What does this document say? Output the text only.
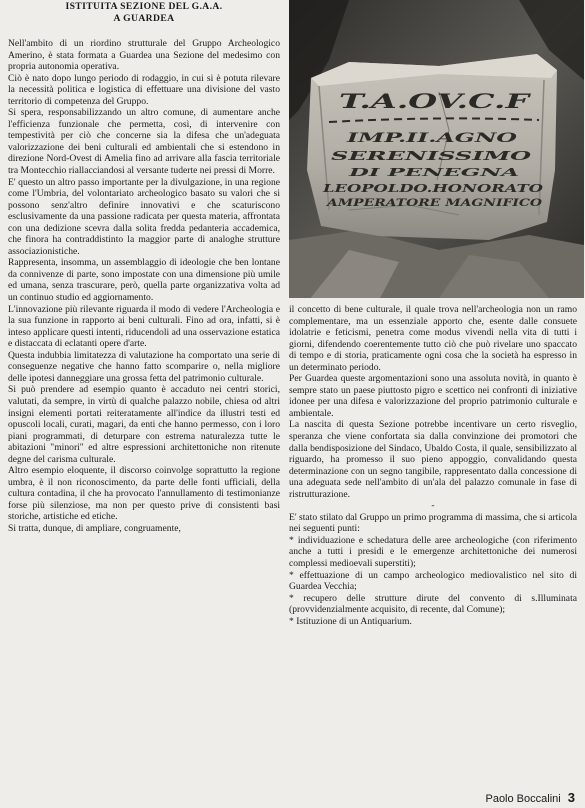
ISTITUITA SEZIONE DEL G.A.A.
A GUARDEA

Nell'ambito di un riordino strutturale del Gruppo Archeologico Amerino, è stata formata a Guardea una Sezione del medesimo con propria autonomia operativa.

Ciò è nato dopo lungo periodo di rodaggio, in cui si è potuta rilevare la necessità politica e logistica di effettuare una divisione del vasto territorio di competenza del Gruppo.

Si spera, responsabilizzando un altro comune, di aumentare anche l'efficienza funzionale che permetta, così, di intervenire con tempestività per ciò che concerne sia la difesa che un'adeguata valorizzazione dei beni culturali ed ambientali che si estendono in direzione Nord-Ovest di Amelia fino ad arrivare alla fascia territoriale tra Montecchio riallacciandosi al versante tuderte nei pressi di Morre.

E' questo un altro passo importante per la divulgazione, in una regione come l'Umbria, del volontariato archeologico basato su valori che si possono senz'altro definire innovativi e che scaturiscono esclusivamente da una passione radicata per questa materia, affrontata con una dedizione scevra dalla solita fredda pedanteria accademica, che finora ha contraddistinto la maggior parte di analoghe strutture associazionistiche.

Rappresenta, insomma, un assemblaggio di ideologie che ben lontane da connivenze di parte, sono impostate con una dimensione più umile ed umana, senza trascurare, però, quella parte organizzativa volta ad un continuo studio ed aggiornamento.

L'innovazione più rilevante riguarda il modo di vedere l'Archeologia e la sua funzione in rapporto ai beni culturali. Fino ad ora, infatti, si è inteso applicare questi intenti, riducendoli ad una osservazione estatica e distaccata di eclatanti opere d'arte.

Questa indubbia limitatezza di valutazione ha comportato una serie di conseguenze negative che hanno fatto scomparire o, nella migliore delle ipotesi danneggiare una grossa fetta del patrimonio culturale.

Si può prendere ad esempio quanto è accaduto nei centri storici, valutati, da sempre, in virtù di qualche palazzo nobile, chiesa od altri insigni elementi portati reiteratamente all'indice da illustri testi ed opuscoli locali, curati, magari, da enti che hanno permesso, con i loro piani programmati, di deturpare con estrema naturalezza tutte le abitazioni "minori" ed altre espressioni architettoniche non ritenute degne del carisma culturale.

Altro esempio eloquente, il discorso coinvolge soprattutto la regione umbra, è il non riconoscimento, da parte delle fonti ufficiali, della cultura contadina, il che ha provocato l'annullamento di testimonianze forse più silenziose, ma non per questo prive di consistenti basi storiche, artistiche ed etiche.

Si tratta, dunque, di ampliare, congruamente,

T.A.OV.C.F
IMP.II.AGNO
SERENISSIMO
DI PENEGNA
LEOPOLDO.HONORATO
AMPERATORE MAGNIFICO

il concetto di bene culturale, il quale trova nell'archeologia non un ramo complementare, ma un essenziale apporto che, esente dalle consuete idolatrie e feticismi, penetra come modus vivendi nella vita di tutti i giorni, difendendo coerentemente tutto ciò che può rivelare uno spaccato di tempo e di storia, praticamente ogni cosa che la società ha espresso in un determinato periodo.

Per Guardea queste argomentazioni sono una assoluta novità, in quanto è sempre stato un paese piuttosto pigro e scettico nei confronti di iniziative idonee per una difesa e valorizzazione del proprio patrimonio culturale e ambientale.

La nascita di questa Sezione potrebbe incentivare un certo risveglio, speranza che viene confortata sia dalla convinzione dei promotori che dalla bendisposizione del Sindaco, Ubaldo Costa, il quale, sensibilizzato al riguardo, ha promesso il suo pieno appoggio, convalidando questa determinazione con un segno tangibile, rappresentato dalla concessione di una adeguata sede nell'ambito di un'ala del palazzo comunale in fase di ristrutturazione.

-

E' stato stilato dal Gruppo un primo programma di massima, che si articola nei seguenti punti:

* individuazione e schedatura delle aree archeologiche (con riferimento anche a tutti i presidi e le emergenze architettoniche dei numerosi complessi medioevali superstiti);

* effettuazione di un campo archeologico mediovalistico nel sito di Guardea Vecchia;

* recupero delle strutture dirute del convento di s.Illuminata (provvidenzialmente acquisito, di recente, dal Comune);

* Istituzione di un Antiquarium.

Paolo Boccalini 3
